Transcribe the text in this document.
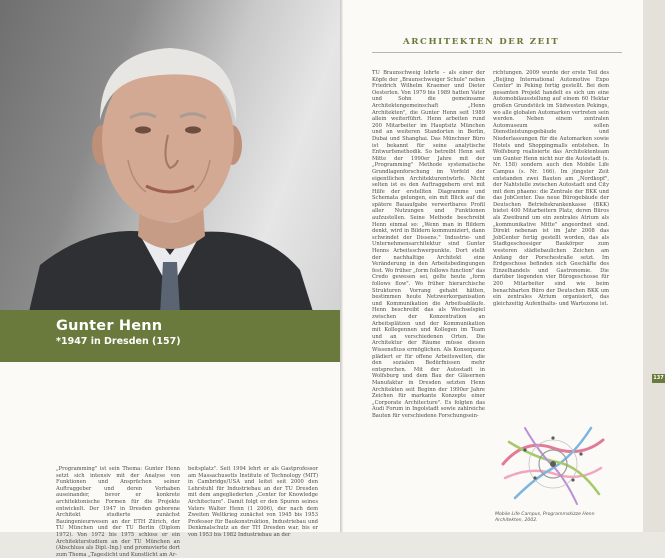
Gunter Henn
*1947 in Dresden (157)

„Programming" ist sein Thema: Gunter Henn setzt sich intensiv mit der Analyse von Funktionen und Ansprüchen seiner Auftraggeber und deren Vorhaben auseinander, bevor er konkrete architektonische Formen für die Projekte entwickelt. Der 1947 in Dresden geborene Architekt studierte zunächst Bauingenieurwesen an der ETH Zürich, der TU München und der TU Berlin (Diplom 1972). Von 1972 bis 1975 schloss er ein Architekturstudium an der TU München an (Abschluss als Dipl.-Ing.) und promovierte dort zum Thema „Tageslicht und Kunstlicht am Ar-

beitsplatz". Seit 1994 lehrt er als Gastprofessor am Massachusetts Institute of Technology (MIT) in Cambridge/USA und leitet seit 2000 den Lehrstuhl für Industriebau an der TU Dresden mit dem angegliederten „Center for Knowledge Architecture". Damit folgt er den Spuren seines Vaters Walter Henn (1 2006), der nach dem Zweiten Weltkrieg zunächst von 1945 bis 1953 Professor für Baukonstruktion, Industriebau und Denkmalschutz an der TH Dresden war, bis er von 1953 bis 1982 Industriebau an der

ARCHITEKTEN DER ZEIT

TU Braunschweig lehrte – als einer der Köpfe der „Braunschweiger Schule" neben Friedrich Wilhelm Kraemer und Dieter Oesterlen. Von 1979 bis 1989 hatten Vater und Sohn die gemeinsame Architektengemeinschaft „Henn Architekten", die Gunter Henn seit 1989 allein weiterführt. Henn arbeiten rund 200 Mitarbeiter im Hauptsitz München und an weiteren Standorten in Berlin, Dubai und Shanghai. Das Münchner Büro ist bekannt für seine analytische Entwurfsmethodik. So betreibt Henn seit Mitte der 1990er Jahre mit der „Programming" Methode systematische Grundlagenforschung im Vorfeld der eigentlichen Architekturentwürfe. Nicht selten ist es den Auftraggebern erst mit Hilfe der erstellten Diagramme und Schemata gelungen, ein mit Blick auf die spätere Bauaufgabe verwertbares Profil aller Nutzungen und Funktionen aufzustellen. Seine Methode beschreibt Henn einmal so: „Wenn man in Bildern denkt, wird in Bildern kommuniziert, dann schwindet der Dissens." Industrie- und Unternehmensarchitektur sind Gunter Henns Arbeitsschwerpunkte. Dort stellt der nachhaltige Architekt eine Veränderung in den Arbeitsbedingungen fest. Wo früher „form follows function" das Credo gewesen sei, gelte heute „form follows flow". Wo früher hierarchische Strukturen Vorrang gehabt hätten, bestimmen heute Netzwerkorganisation und Kommunikation die Arbeitsabläufe. Henn beschreibt das als Wechselspiel zwischen der Konzentration an Arbeitsplätzen und der Kommunikation mit Kollegennen und Kollegen im Team und an verschiedenen Orten. Die Architektur der Räume müsse diesen Wissensfluss ermöglichen. Als Konsequenz plädiert er für offene Arbeitswelten, die den sozialen Bedürfnissen mehr entsprechen. Mit der Autostadt in Wolfsburg und dem Bau der Gläsernen Manufaktur in Dresden setzten Henn Architekten seit Beginn der 1990er Jahre Zeichen für markante Konzepte einer „Corporate Architecture". Es folgten das Audi Forum in Ingolstadt sowie zahlreiche Bauten für verschiedene Forschungsein-

richtungen. 2009 wurde der erste Teil des „Beijing International Automotive Expo Center" in Peking fertig gestellt. Bei dem gesamten Projekt handelt es sich um eine Automobilausstellung auf einem 60 Hektar großen Grundstück im Südwesten Pekings, wo alle globalen Automarken vertreten sein werden. Neben einem zentralen Automuseum sollen Dienstleistungsgebäude und Niederlassungen für die Automarken sowie Hotels und Shoppingmalls entstehen. In Wolfsburg realisierte das Architektenteam um Gunter Henn nicht nur die Autostadt (s. Nr. 158) sondern auch den Mobile Life Campus (s. Nr. 166). Im jüngster Zeit entstanden zwei Bauten am „Nordkopf", der Nahtstelle zwischen Autostadt und City mit dem phaeno: die Zentrale der BKK und das JobCenter. Das neue Bürogebäude der Deutschen Betriebskrankenkasse (BKK) bietet 400 Mitarbeitern Platz, deren Büros als Zweibund um ein zentrales Atrium als „kommunikative Mitte" angeordnet sind. Direkt nebenan ist im Jahr 2008 das JobCenter fertig gestellt worden, das als Stadtgeschossiger Baukörper zum westeren städtebaulichen Zeichen am Anfang der Porschestraße setzt. Im Erdgeschoss befinden sich Geschäfte des Einzelhandels und Gastronomie. Die darüber liegenden vier Bürogeschosse für 200 Mitarbeiter sind wie beim benachbarten Büro der Deutschen BKK um ein zentrales Atrium organisiert, das gleichzeitig Aufenthalts- und Wartezone ist.

Mobile Life Campus, Programmskizze Henn Architekten, 2002.
137
